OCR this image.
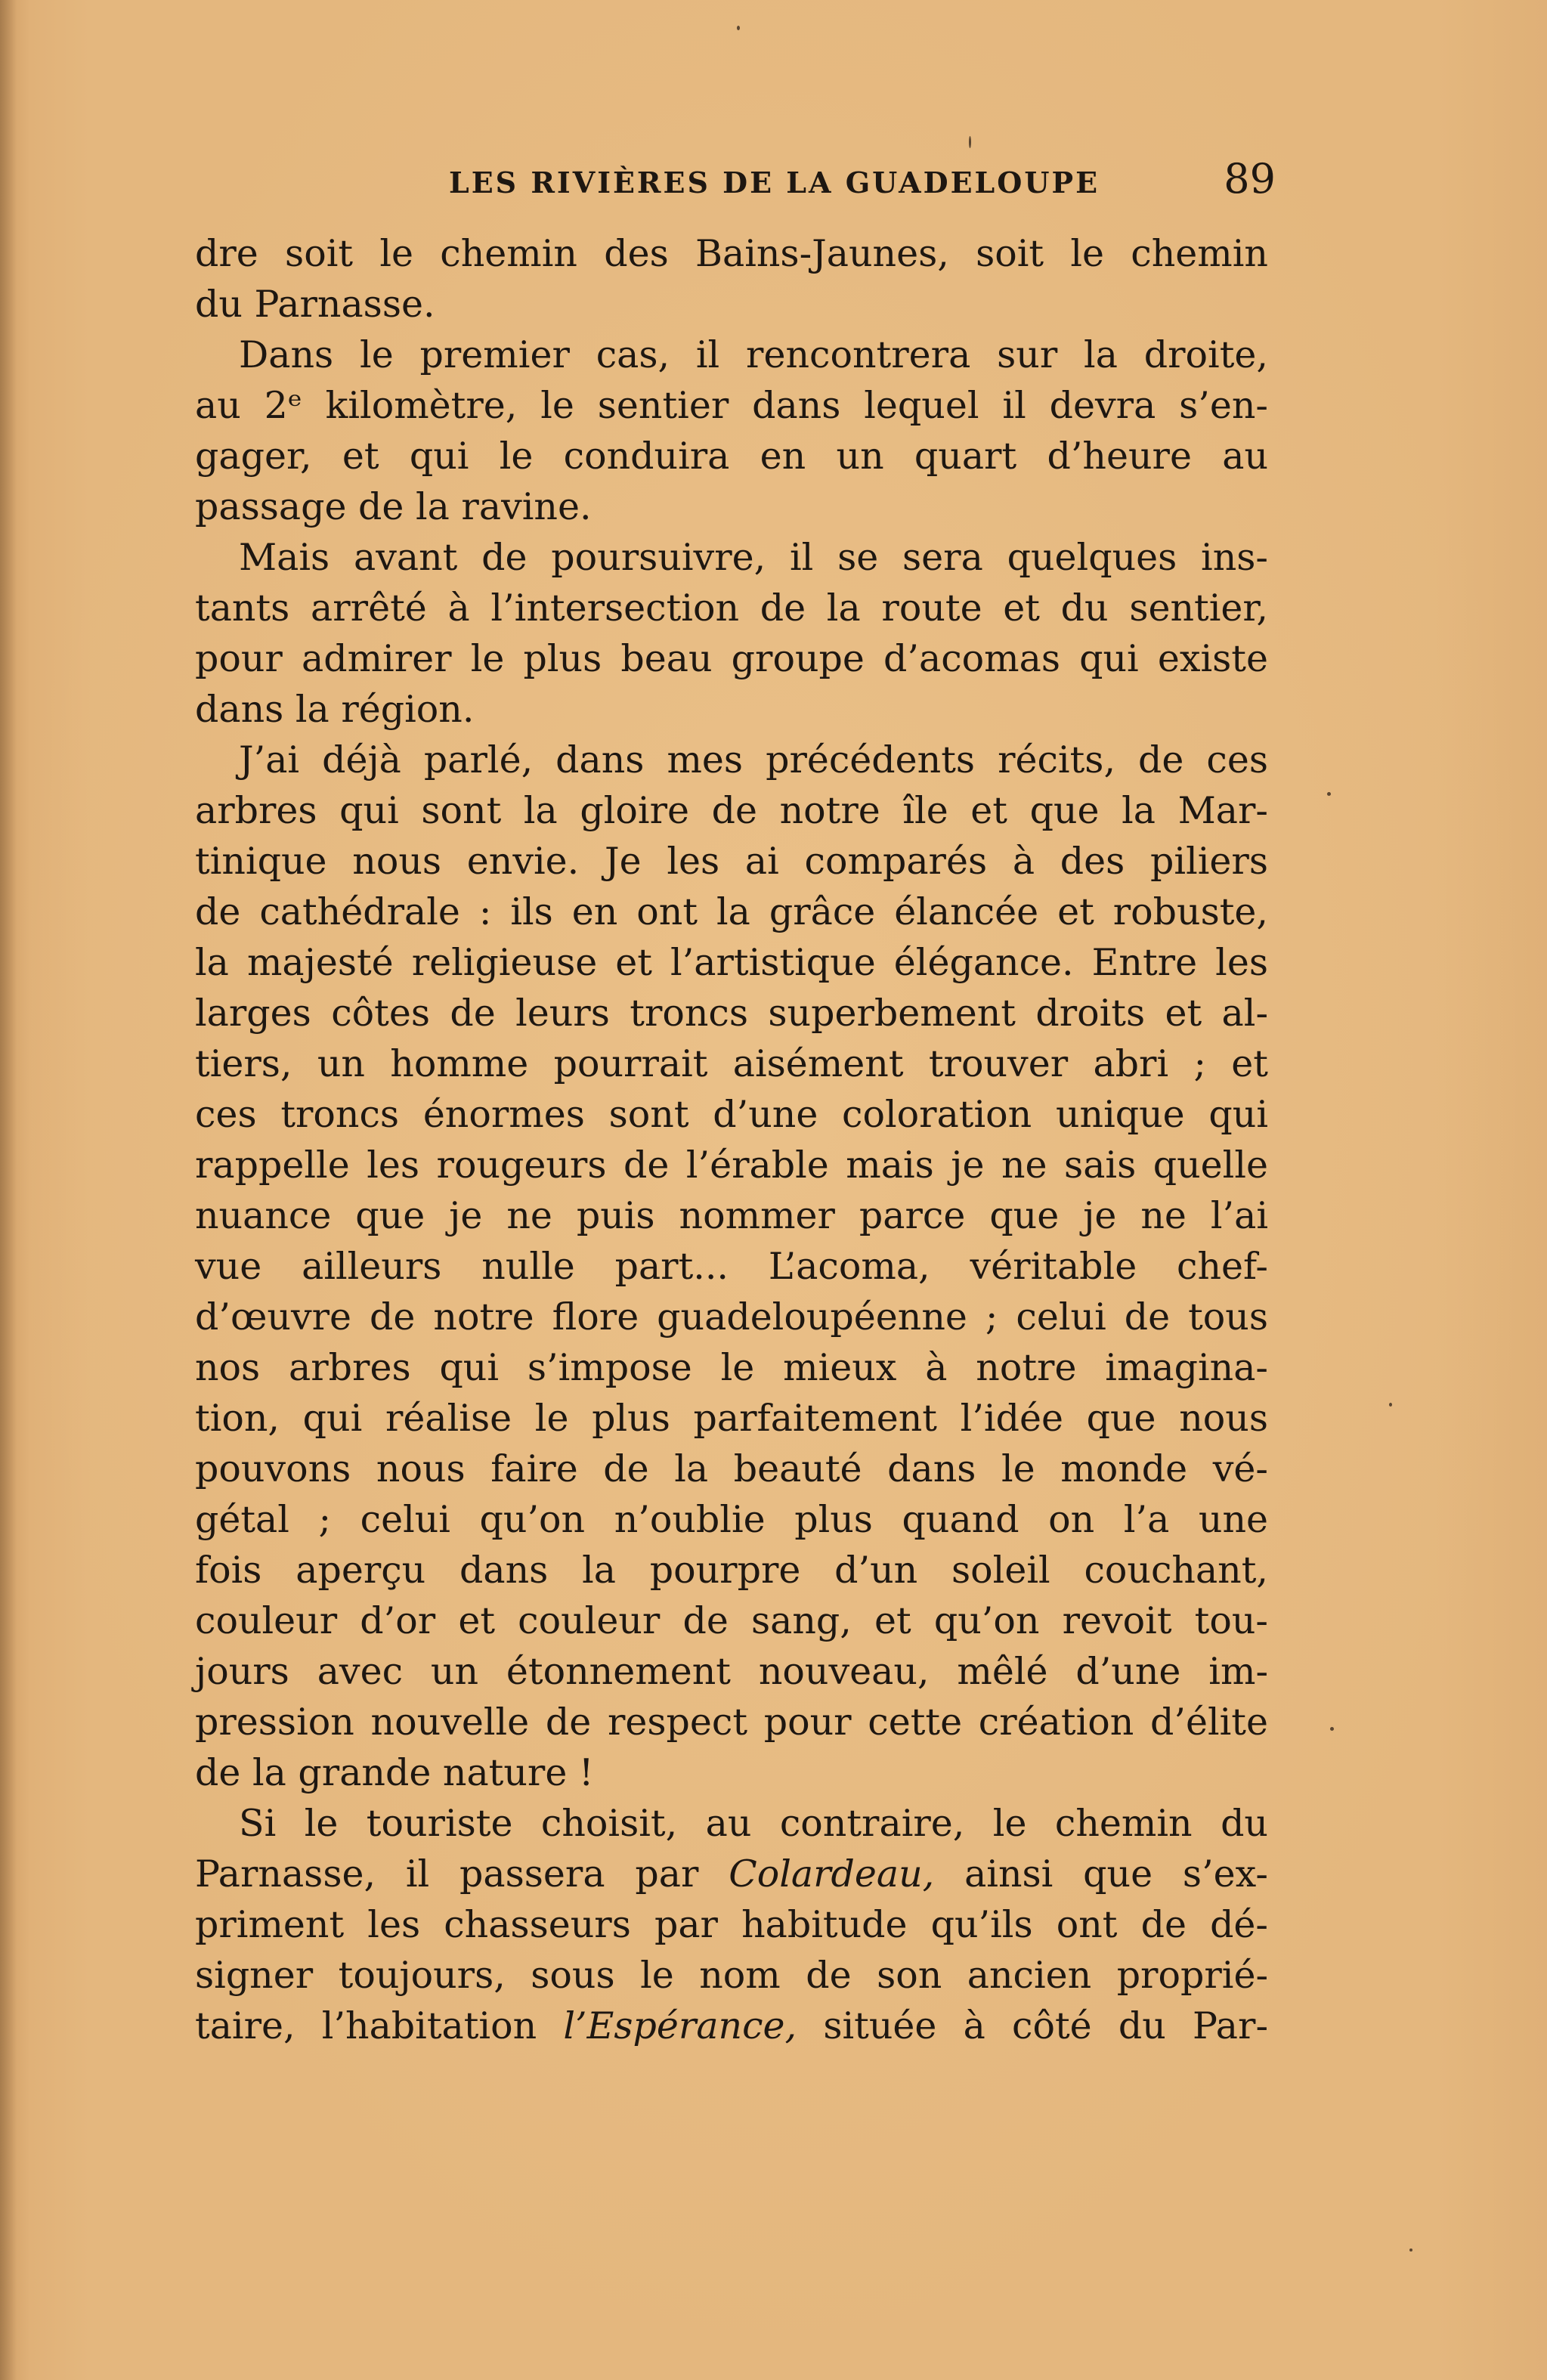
LES RIVIÈRES DE LA GUADELOUPE	89
dre soit le chemin des Bains-Jaunes, soit le chemin
du Parnasse.
Dans le premier cas, il rencontrera sur la droite,
au 2ᵉ kilomètre, le sentier dans lequel il devra s’en-
gager, et qui le conduira en un quart d’heure au
passage de la ravine.
Mais avant de poursuivre, il se sera quelques ins-
tants arrêté à l’intersection de la route et du sentier,
pour admirer le plus beau groupe d’acomas qui existe
dans la région.
J’ai déjà parlé, dans mes précédents récits, de ces
arbres qui sont la gloire de notre île et que la Mar-
tinique nous envie. Je les ai comparés à des piliers
de cathédrale : ils en ont la grâce élancée et robuste,
la majesté religieuse et l’artistique élégance. Entre les
larges côtes de leurs troncs superbement droits et al-
tiers, un homme pourrait aisément trouver abri ; et
ces troncs énormes sont d’une coloration unique qui
rappelle les rougeurs de l’érable mais je ne sais quelle
nuance que je ne puis nommer parce que je ne l’ai
vue ailleurs nulle part... L’acoma, véritable chef-
d’œuvre de notre flore guadeloupéenne ; celui de tous
nos arbres qui s’impose le mieux à notre imagina-
tion, qui réalise le plus parfaitement l’idée que nous
pouvons nous faire de la beauté dans le monde vé-
gétal ; celui qu’on n’oublie plus quand on l’a une
fois aperçu dans la pourpre d’un soleil couchant,
couleur d’or et couleur de sang, et qu’on revoit tou-
jours avec un étonnement nouveau, mêlé d’une im-
pression nouvelle de respect pour cette création d’élite
de la grande nature !
Si le touriste choisit, au contraire, le chemin du
Parnasse, il passera par Colardeau, ainsi que s’ex-
priment les chasseurs par habitude qu’ils ont de dé-
signer toujours, sous le nom de son ancien proprié-
taire, l’habitation l’Espérance, située à côté du Par-
